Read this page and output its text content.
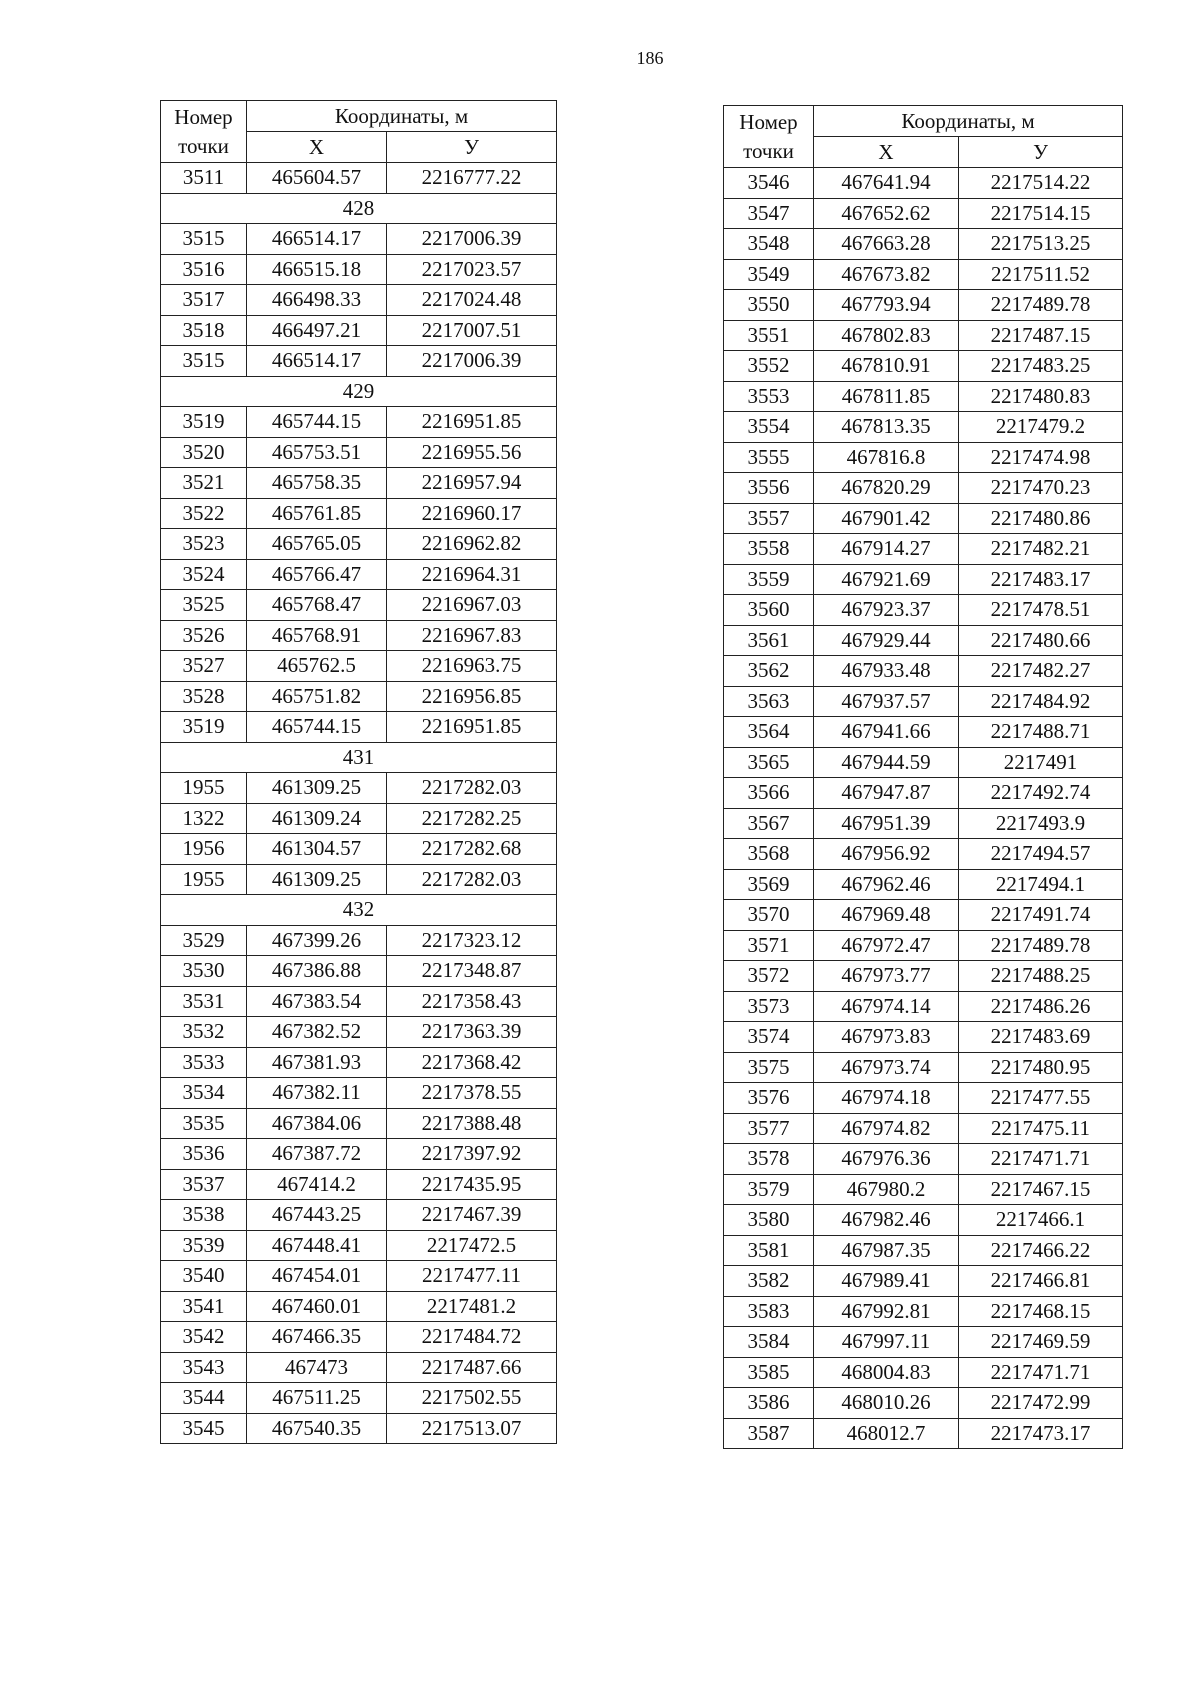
186
Номер
точки	Координаты, м	
	Х	У
3511	465604.57	2216777.22
428		
3515	466514.17	2217006.39
3516	466515.18	2217023.57
3517	466498.33	2217024.48
3518	466497.21	2217007.51
3515	466514.17	2217006.39
429		
3519	465744.15	2216951.85
3520	465753.51	2216955.56
3521	465758.35	2216957.94
3522	465761.85	2216960.17
3523	465765.05	2216962.82
3524	465766.47	2216964.31
3525	465768.47	2216967.03
3526	465768.91	2216967.83
3527	465762.5	2216963.75
3528	465751.82	2216956.85
3519	465744.15	2216951.85
431		
1955	461309.25	2217282.03
1322	461309.24	2217282.25
1956	461304.57	2217282.68
1955	461309.25	2217282.03
432		
3529	467399.26	2217323.12
3530	467386.88	2217348.87
3531	467383.54	2217358.43
3532	467382.52	2217363.39
3533	467381.93	2217368.42
3534	467382.11	2217378.55
3535	467384.06	2217388.48
3536	467387.72	2217397.92
3537	467414.2	2217435.95
3538	467443.25	2217467.39
3539	467448.41	2217472.5
3540	467454.01	2217477.11
3541	467460.01	2217481.2
3542	467466.35	2217484.72
3543	467473	2217487.66
3544	467511.25	2217502.55
3545	467540.35	2217513.07
Номер
точки	Координаты, м	
	Х	У
3546	467641.94	2217514.22
3547	467652.62	2217514.15
3548	467663.28	2217513.25
3549	467673.82	2217511.52
3550	467793.94	2217489.78
3551	467802.83	2217487.15
3552	467810.91	2217483.25
3553	467811.85	2217480.83
3554	467813.35	2217479.2
3555	467816.8	2217474.98
3556	467820.29	2217470.23
3557	467901.42	2217480.86
3558	467914.27	2217482.21
3559	467921.69	2217483.17
3560	467923.37	2217478.51
3561	467929.44	2217480.66
3562	467933.48	2217482.27
3563	467937.57	2217484.92
3564	467941.66	2217488.71
3565	467944.59	2217491
3566	467947.87	2217492.74
3567	467951.39	2217493.9
3568	467956.92	2217494.57
3569	467962.46	2217494.1
3570	467969.48	2217491.74
3571	467972.47	2217489.78
3572	467973.77	2217488.25
3573	467974.14	2217486.26
3574	467973.83	2217483.69
3575	467973.74	2217480.95
3576	467974.18	2217477.55
3577	467974.82	2217475.11
3578	467976.36	2217471.71
3579	467980.2	2217467.15
3580	467982.46	2217466.1
3581	467987.35	2217466.22
3582	467989.41	2217466.81
3583	467992.81	2217468.15
3584	467997.11	2217469.59
3585	468004.83	2217471.71
3586	468010.26	2217472.99
3587	468012.7	2217473.17
